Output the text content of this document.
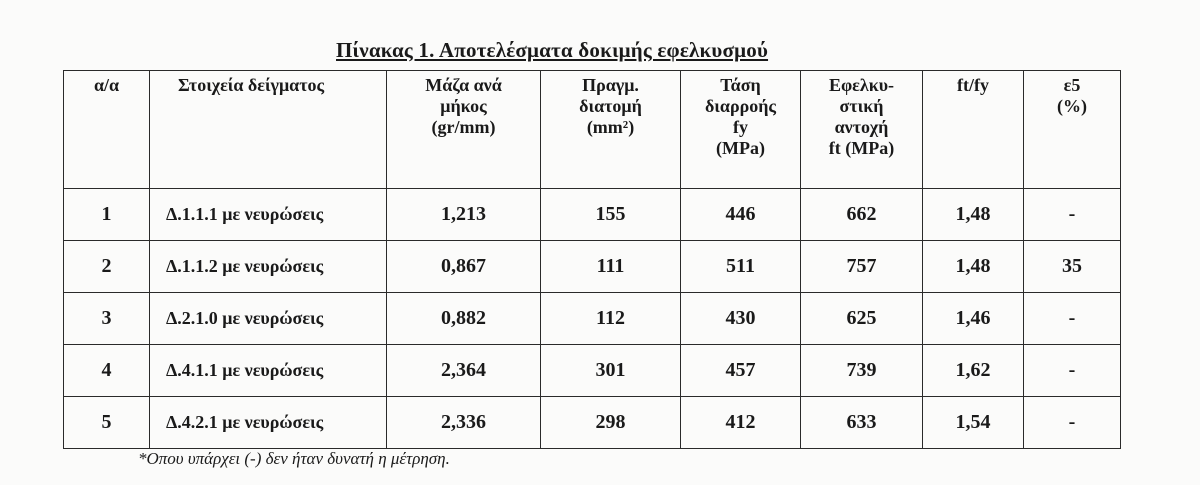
Πίνακας 1. Αποτελέσματα δοκιμής εφελκυσμού
α/α	Στοιχεία δείγματος	Μάζα ανά
μήκος
(gr/mm)	Πραγμ.
διατομή
(mm²)	Τάση
διαρροής
fy
(MPa)	Εφελκυ-
στική
αντοχή
ft (MPa)	ft/fy	ε5
(%)

1	Δ.1.1.1 με νευρώσεις	1,213	155	446	662	1,48	-
2	Δ.1.1.2 με νευρώσεις	0,867	111	511	757	1,48	35
3	Δ.2.1.0 με νευρώσεις	0,882	112	430	625	1,46	-
4	Δ.4.1.1 με νευρώσεις	2,364	301	457	739	1,62	-
5	Δ.4.2.1 με νευρώσεις	2,336	298	412	633	1,54	-
*Οπου υπάρχει (-) δεν ήταν δυνατή η μέτρηση.
